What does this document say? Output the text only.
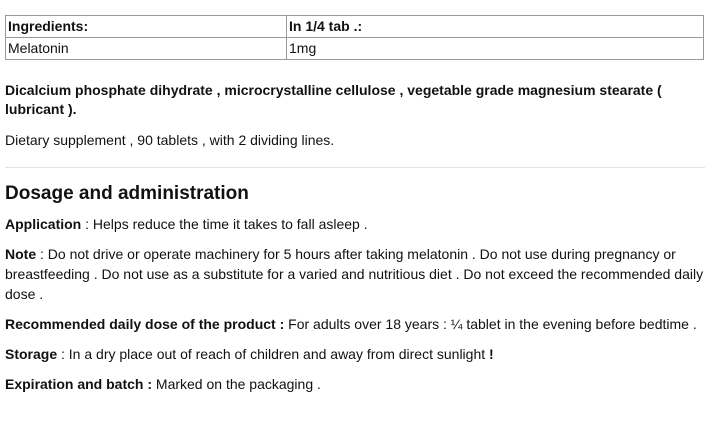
Ingredients:	In 1/4 tab .:
Melatonin	1mg

Dicalcium phosphate dihydrate , microcrystalline cellulose , vegetable grade magnesium stearate ( lubricant ).

Dietary supplement , 90 tablets , with 2 dividing lines.

Dosage and administration

Application : Helps reduce the time it takes to fall asleep .

Note : Do not drive or operate machinery for 5 hours after taking melatonin . Do not use during pregnancy or breastfeeding . Do not use as a substitute for a varied and nutritious diet . Do not exceed the recommended daily dose .

Recommended daily dose of the product : For adults over 18 years : ¼ tablet in the evening before bedtime .

Storage : In a dry place out of reach of children and away from direct sunlight !

Expiration and batch : Marked on the packaging .
